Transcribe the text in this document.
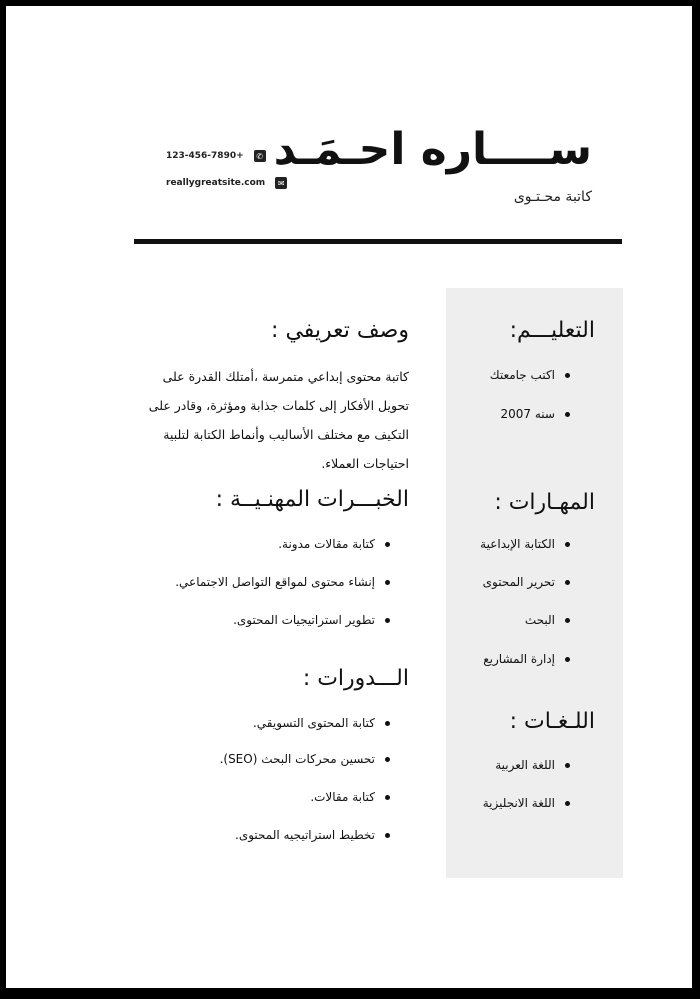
ســــاره احـمَـد
كاتبة محـتـوى
123-456-7890+	✆
reallygreatsite.com	✉
التعليـــم:
اكتب جامعتك
سنه 2007
المهـارات :
الكتابة الإبداعية
تحرير المحتوى
البحث
إدارة المشاريع
اللـغـات :
اللغة العربية
اللغة الانجليزية
وصف تعريفي :

كاتبة محتوى إبداعي متمرسة ،أمتلك القدرة على

تحويل الأفكار إلى كلمات جذابة ومؤثرة، وقادر على

التكيف مع مختلف الأساليب وأنماط الكتابة لتلبية

احتياجات العملاء.

الخبـــرات المهنـيــة :
كتابة مقالات مدونة.
إنشاء محتوى لمواقع التواصل الاجتماعي.
تطوير استراتيجيات المحتوى.
الـــدورات :
كتابة المحتوى التسويقي.
تحسين محركات البحث (SEO).
كتابة مقالات.
تخطيط استراتيجيه المحتوى.
